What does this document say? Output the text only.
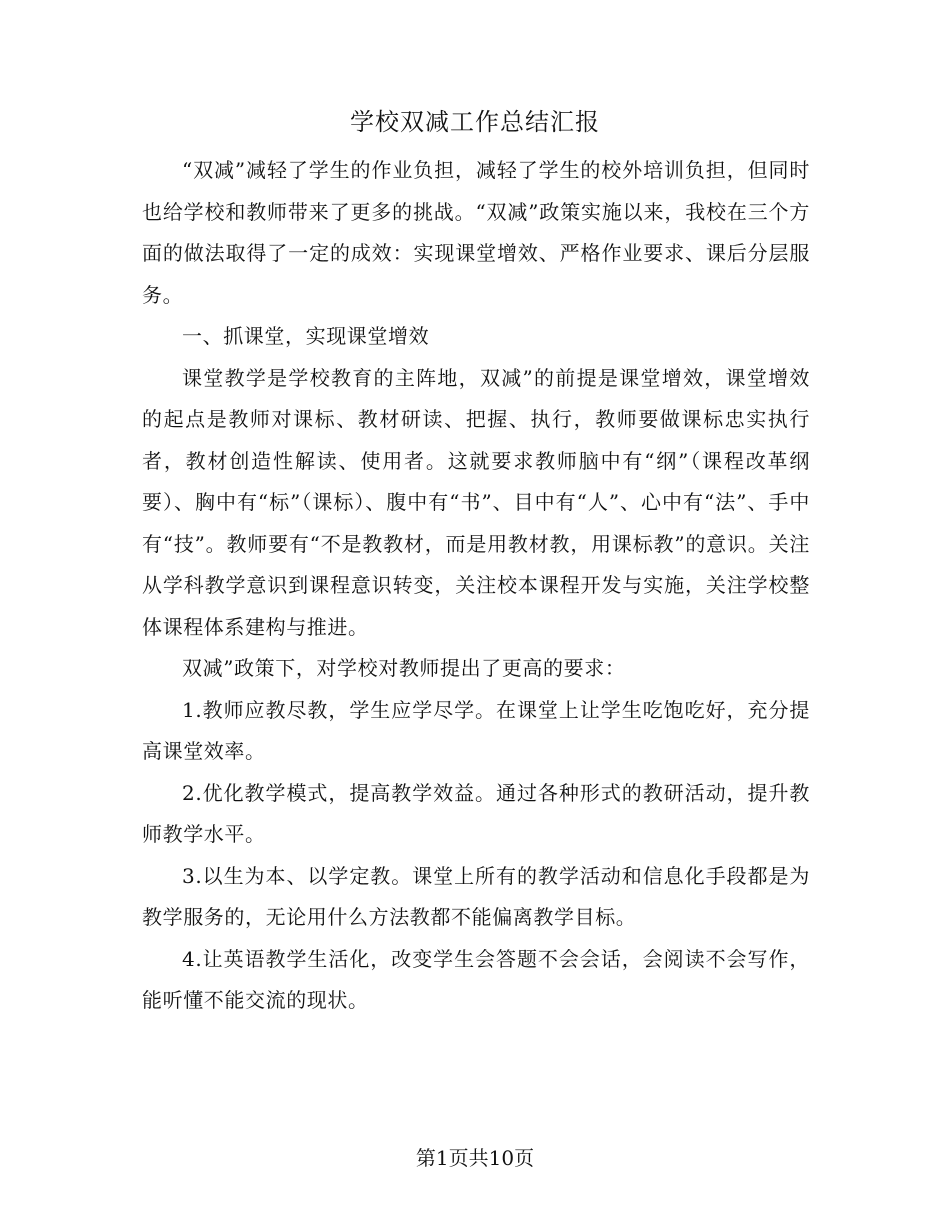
学校双减工作总结汇报

“双减”减轻了学生的作业负担，减轻了学生的校外培训负担，但同时也给学校和教师带来了更多的挑战。“双减”政策实施以来，我校在三个方面的做法取得了一定的成效：实现课堂增效、严格作业要求、课后分层服务。

一、抓课堂，实现课堂增效

课堂教学是学校教育的主阵地，双减”的前提是课堂增效，课堂增效的起点是教师对课标、教材研读、把握、执行，教师要做课标忠实执行者，教材创造性解读、使用者。这就要求教师脑中有“纲”（课程改革纲要）、胸中有“标”（课标）、腹中有“书”、目中有“人”、心中有“法”、手中有“技”。教师要有“不是教教材，而是用教材教，用课标教”的意识。关注从学科教学意识到课程意识转变，关注校本课程开发与实施，关注学校整体课程体系建构与推进。

双减”政策下，对学校对教师提出了更高的要求：

1.教师应教尽教，学生应学尽学。在课堂上让学生吃饱吃好，充分提高课堂效率。

2.优化教学模式，提高教学效益。通过各种形式的教研活动，提升教师教学水平。

3.以生为本、以学定教。课堂上所有的教学活动和信息化手段都是为教学服务的，无论用什么方法教都不能偏离教学目标。

4.让英语教学生活化，改变学生会答题不会会话，会阅读不会写作，能听懂不能交流的现状。

第1页共10页
